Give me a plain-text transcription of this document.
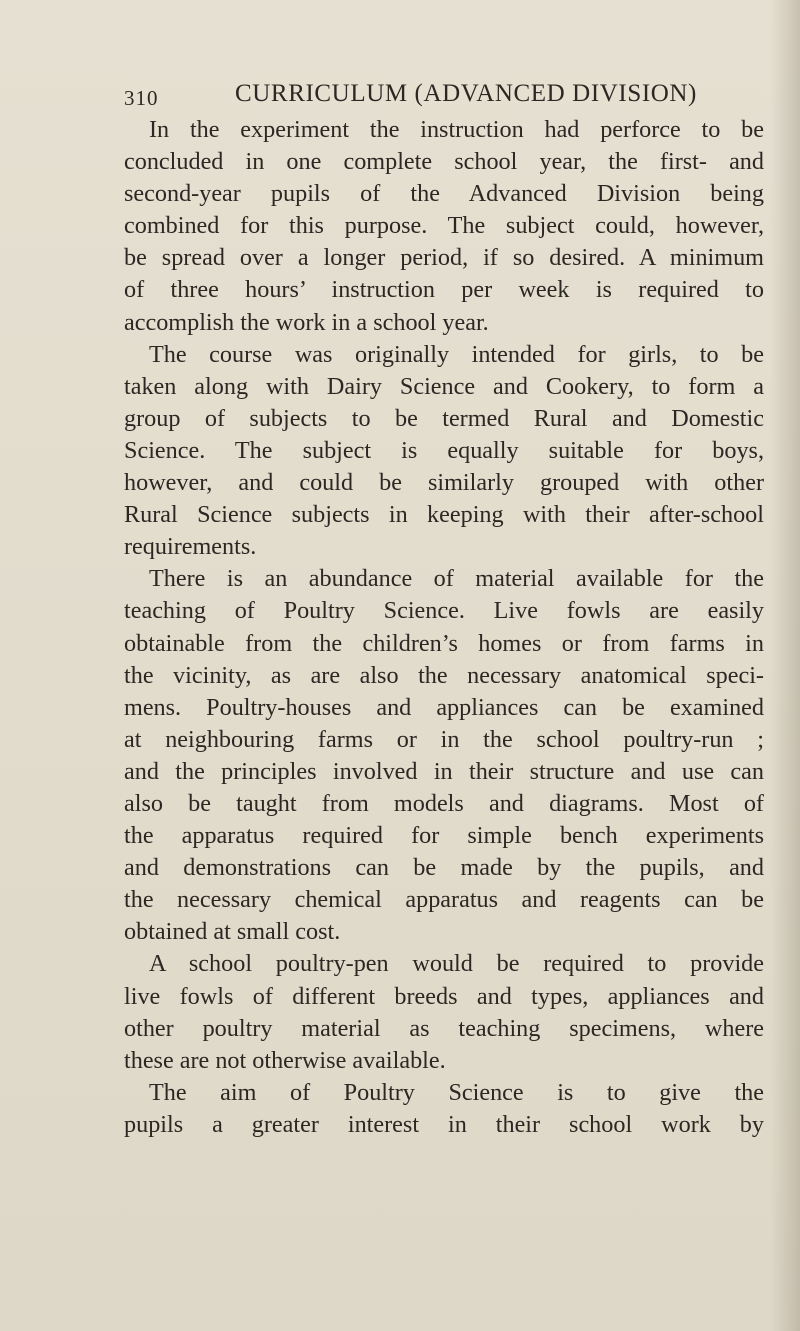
310	CURRICULUM (ADVANCED DIVISION)
In the experiment the instruction had perforce to be
concluded in one complete school year, the first- and
second-year pupils of the Advanced Division being
combined for this purpose. The subject could, however,
be spread over a longer period, if so desired. A minimum
of three hours’ instruction per week is required to
accomplish the work in a school year.
The course was originally intended for girls, to be
taken along with Dairy Science and Cookery, to form a
group of subjects to be termed Rural and Domestic
Science. The subject is equally suitable for boys,
however, and could be similarly grouped with other
Rural Science subjects in keeping with their after-school
requirements.
There is an abundance of material available for the
teaching of Poultry Science. Live fowls are easily
obtainable from the children’s homes or from farms in
the vicinity, as are also the necessary anatomical speci-
mens. Poultry-houses and appliances can be examined
at neighbouring farms or in the school poultry-run ;
and the principles involved in their structure and use can
also be taught from models and diagrams. Most of
the apparatus required for simple bench experiments
and demonstrations can be made by the pupils, and
the necessary chemical apparatus and reagents can be
obtained at small cost.
A school poultry-pen would be required to provide
live fowls of different breeds and types, appliances and
other poultry material as teaching specimens, where
these are not otherwise available.
The aim of Poultry Science is to give the
pupils a greater interest in their school work by
